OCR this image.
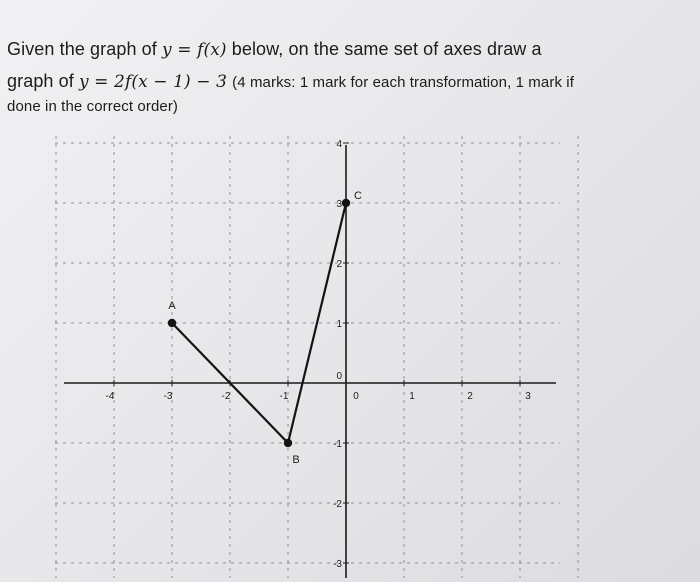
Given the graph of y = f(x) below, on the same set of axes draw a
graph of y = 2f(x − 1) − 3 (4 marks: 1 mark for each transformation, 1 mark if
done in the correct order)
-4	-3	-2	-1	0	1	2	3
4
3
2
1
0
-1
-2
-3
A
B
C
